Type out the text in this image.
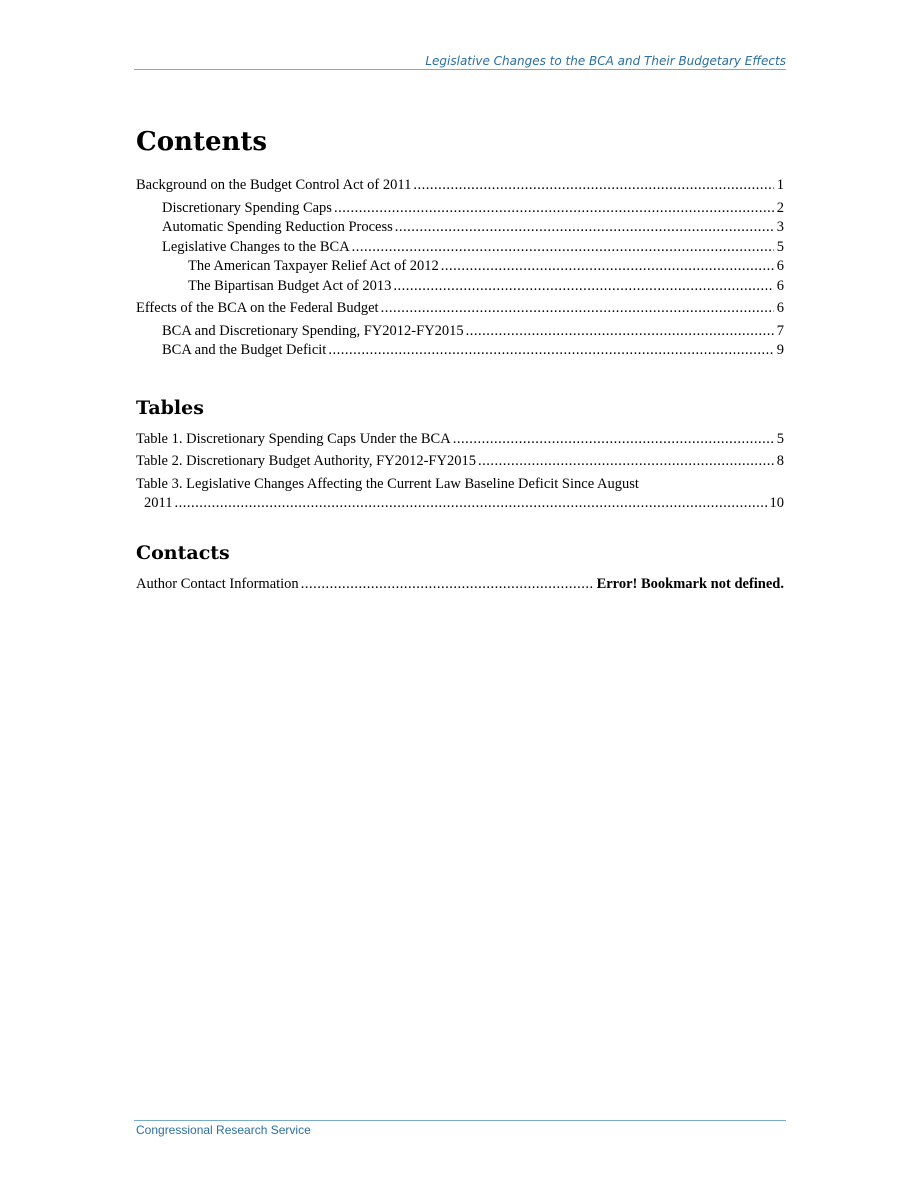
Legislative Changes to the BCA and Their Budgetary Effects
Contents
Background on the Budget Control Act of 2011 .....	1
Discretionary Spending Caps .....	2
Automatic Spending Reduction Process .....	3
Legislative Changes to the BCA .....	5
The American Taxpayer Relief Act of 2012 .....	6
The Bipartisan Budget Act of 2013 .....	6
Effects of the BCA on the Federal Budget .....	6
BCA and Discretionary Spending, FY2012-FY2015 .....	7
BCA and the Budget Deficit .....	9
Tables
Table 1. Discretionary Spending Caps Under the BCA .....	5
Table 2. Discretionary Budget Authority, FY2012-FY2015 .....	8
Table 3. Legislative Changes Affecting the Current Law Baseline Deficit Since August
2011 .....	10
Contacts
Author Contact Information .....	Error! Bookmark not defined.
Congressional Research Service
